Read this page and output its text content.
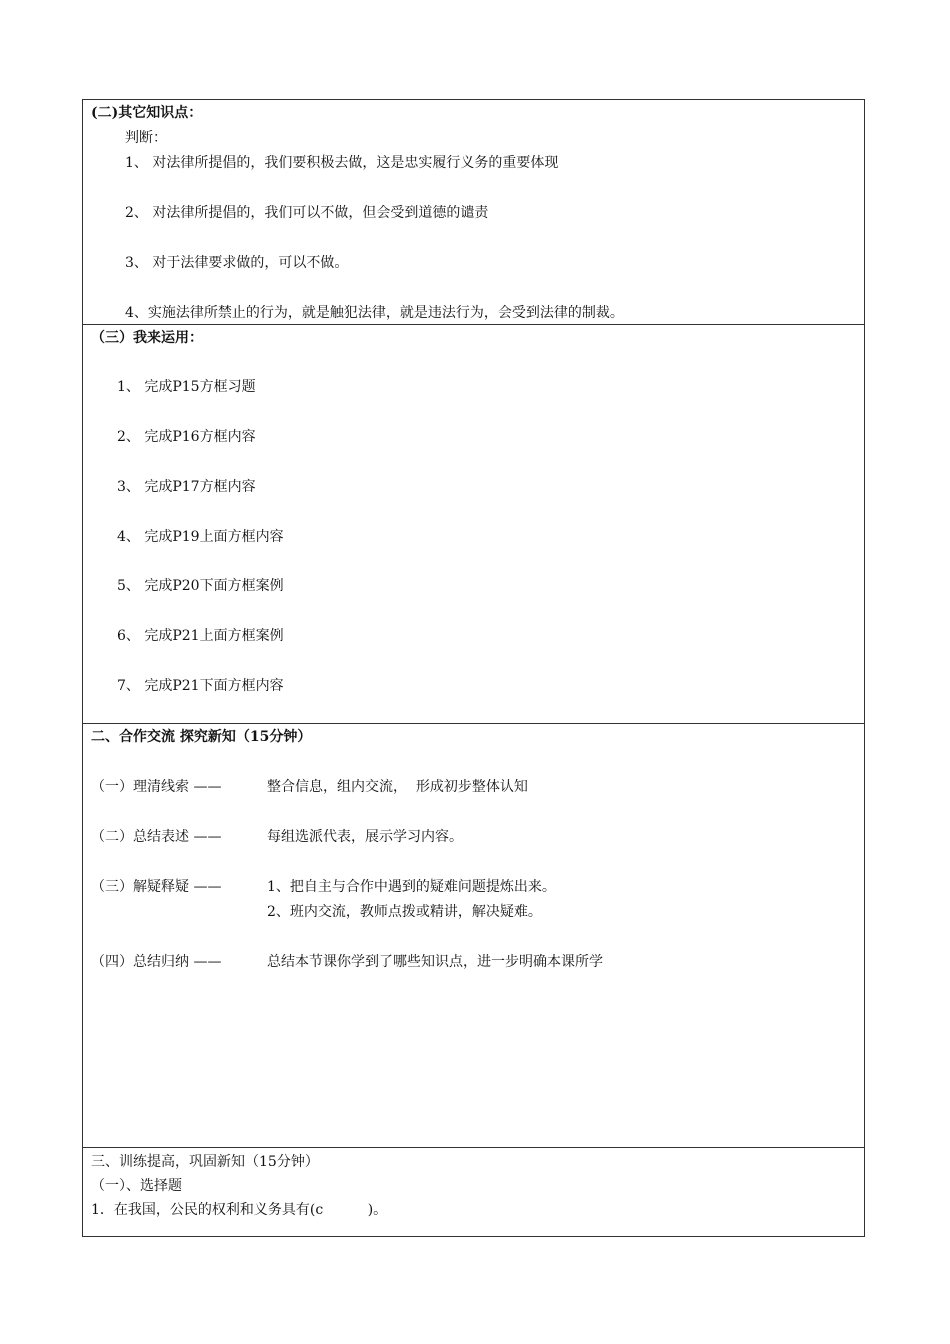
(二)其它知识点：
判断：
1、 对法律所提倡的，我们要积极去做，这是忠实履行义务的重要体现
2、 对法律所提倡的，我们可以不做，但会受到道德的谴责
3、 对于法律要求做的，可以不做。
4、实施法律所禁止的行为，就是触犯法律，就是违法行为，会受到法律的制裁。
（三）我来运用：
1、 完成P15方框习题
2、 完成P16方框内容
3、 完成P17方框内容
4、 完成P19上面方框内容
5、 完成P20下面方框案例
6、 完成P21上面方框案例
7、 完成P21下面方框内容
二、合作交流 探究新知（15分钟）
（一）理清线索 ——	整合信息，组内交流，  形成初步整体认知
（二）总结表述 ——	每组选派代表，展示学习内容。
（三）解疑释疑 ——	1、把自主与合作中遇到的疑难问题提炼出来。
2、班内交流，教师点拨或精讲，解决疑难。
（四）总结归纳 ——	总结本节课你学到了哪些知识点，进一步明确本课所学
三、训练提高，巩固新知（15分钟）
（一）、选择题
1．在我国，公民的权利和义务具有(c          )。
